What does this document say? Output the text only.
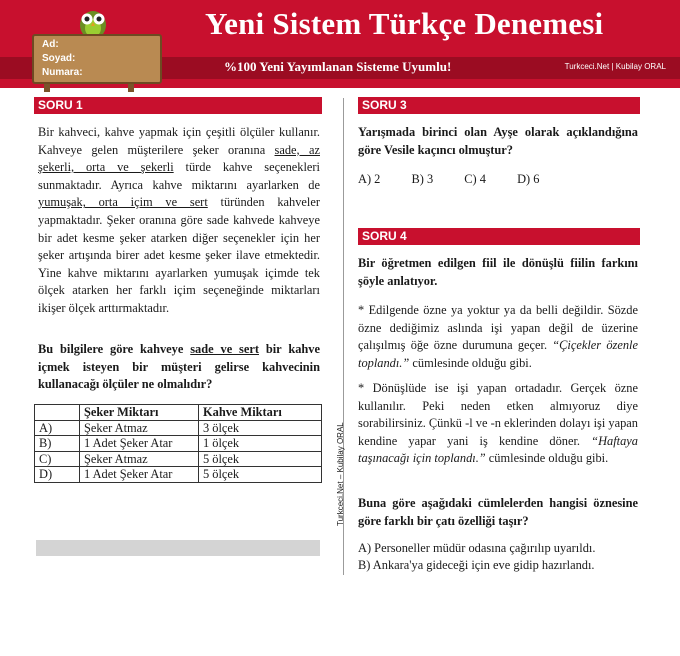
Yeni Sistem Türkçe Denemesi
%100 Yeni Yayımlanan Sisteme Uyumlu!	Turkceci.Net | Kubilay ORAL
Ad:
Soyad:
Numara:
SORU 1

Bir kahveci, kahve yapmak için çeşitli ölçüler kullanır. Kahveye gelen müşterilere şeker oranına sade, az şekerli, orta ve şekerli türde kahve seçenekleri sunmaktadır. Ayrıca kahve miktarını ayarlarken de yumuşak, orta içim ve sert türünden kahveler yapmaktadır. Şeker oranına göre sade kahvede kahveye bir adet kesme şeker atarken diğer seçenekler için her şeker artışında birer adet kesme şeker ilave etmektedir. Yine kahve miktarını ayarlarken yumuşak içimde tek ölçek atarken her farklı içim seçeneğinde miktarları ikişer ölçek arttırmaktadır.

Bu bilgilere göre kahveye sade ve sert bir kahve içmek isteyen bir müşteri gelirse kahvecinin kullanacağı ölçüler ne olmalıdır?

	Şeker Miktarı	Kahve Miktarı
A)	Şeker Atmaz	3 ölçek
B)	1 Adet Şeker Atar	1 ölçek
C)	Şeker Atmaz	5 ölçek
D)	1 Adet Şeker Atar	5 ölçek	Turkceci.Net – Kubilay ORAL
SORU 3

Yarışmada birinci olan Ayşe olarak açıklandığına göre Vesile kaçıncı olmuştur?

A) 2	B) 3	C) 4	D) 6
SORU 4

Bir öğretmen edilgen fiil ile dönüşlü fiilin farkını şöyle anlatıyor.

* Edilgende özne ya yoktur ya da belli değildir. Sözde özne dediğimiz aslında işi yapan değil de üzerine çalışılmış öğe özne durumuna geçer. “Çiçekler özenle toplandı.” cümlesinde olduğu gibi.

* Dönüşlüde ise işi yapan ortadadır. Gerçek özne kullanılır. Peki neden etken almıyoruz diye sorabilirsiniz. Çünkü -l ve -n eklerinden dolayı işi yapan kendine yapar yani iş kendine döner. “Haftaya taşınacağı için toplandı.” cümlesinde olduğu gibi.

Buna göre aşağıdaki cümlelerden hangisi öznesine göre farklı bir çatı özelliği taşır?

A) Personeller müdür odasına çağırılıp uyarıldı.

B) Ankara'ya gideceği için eve gidip hazırlandı.
